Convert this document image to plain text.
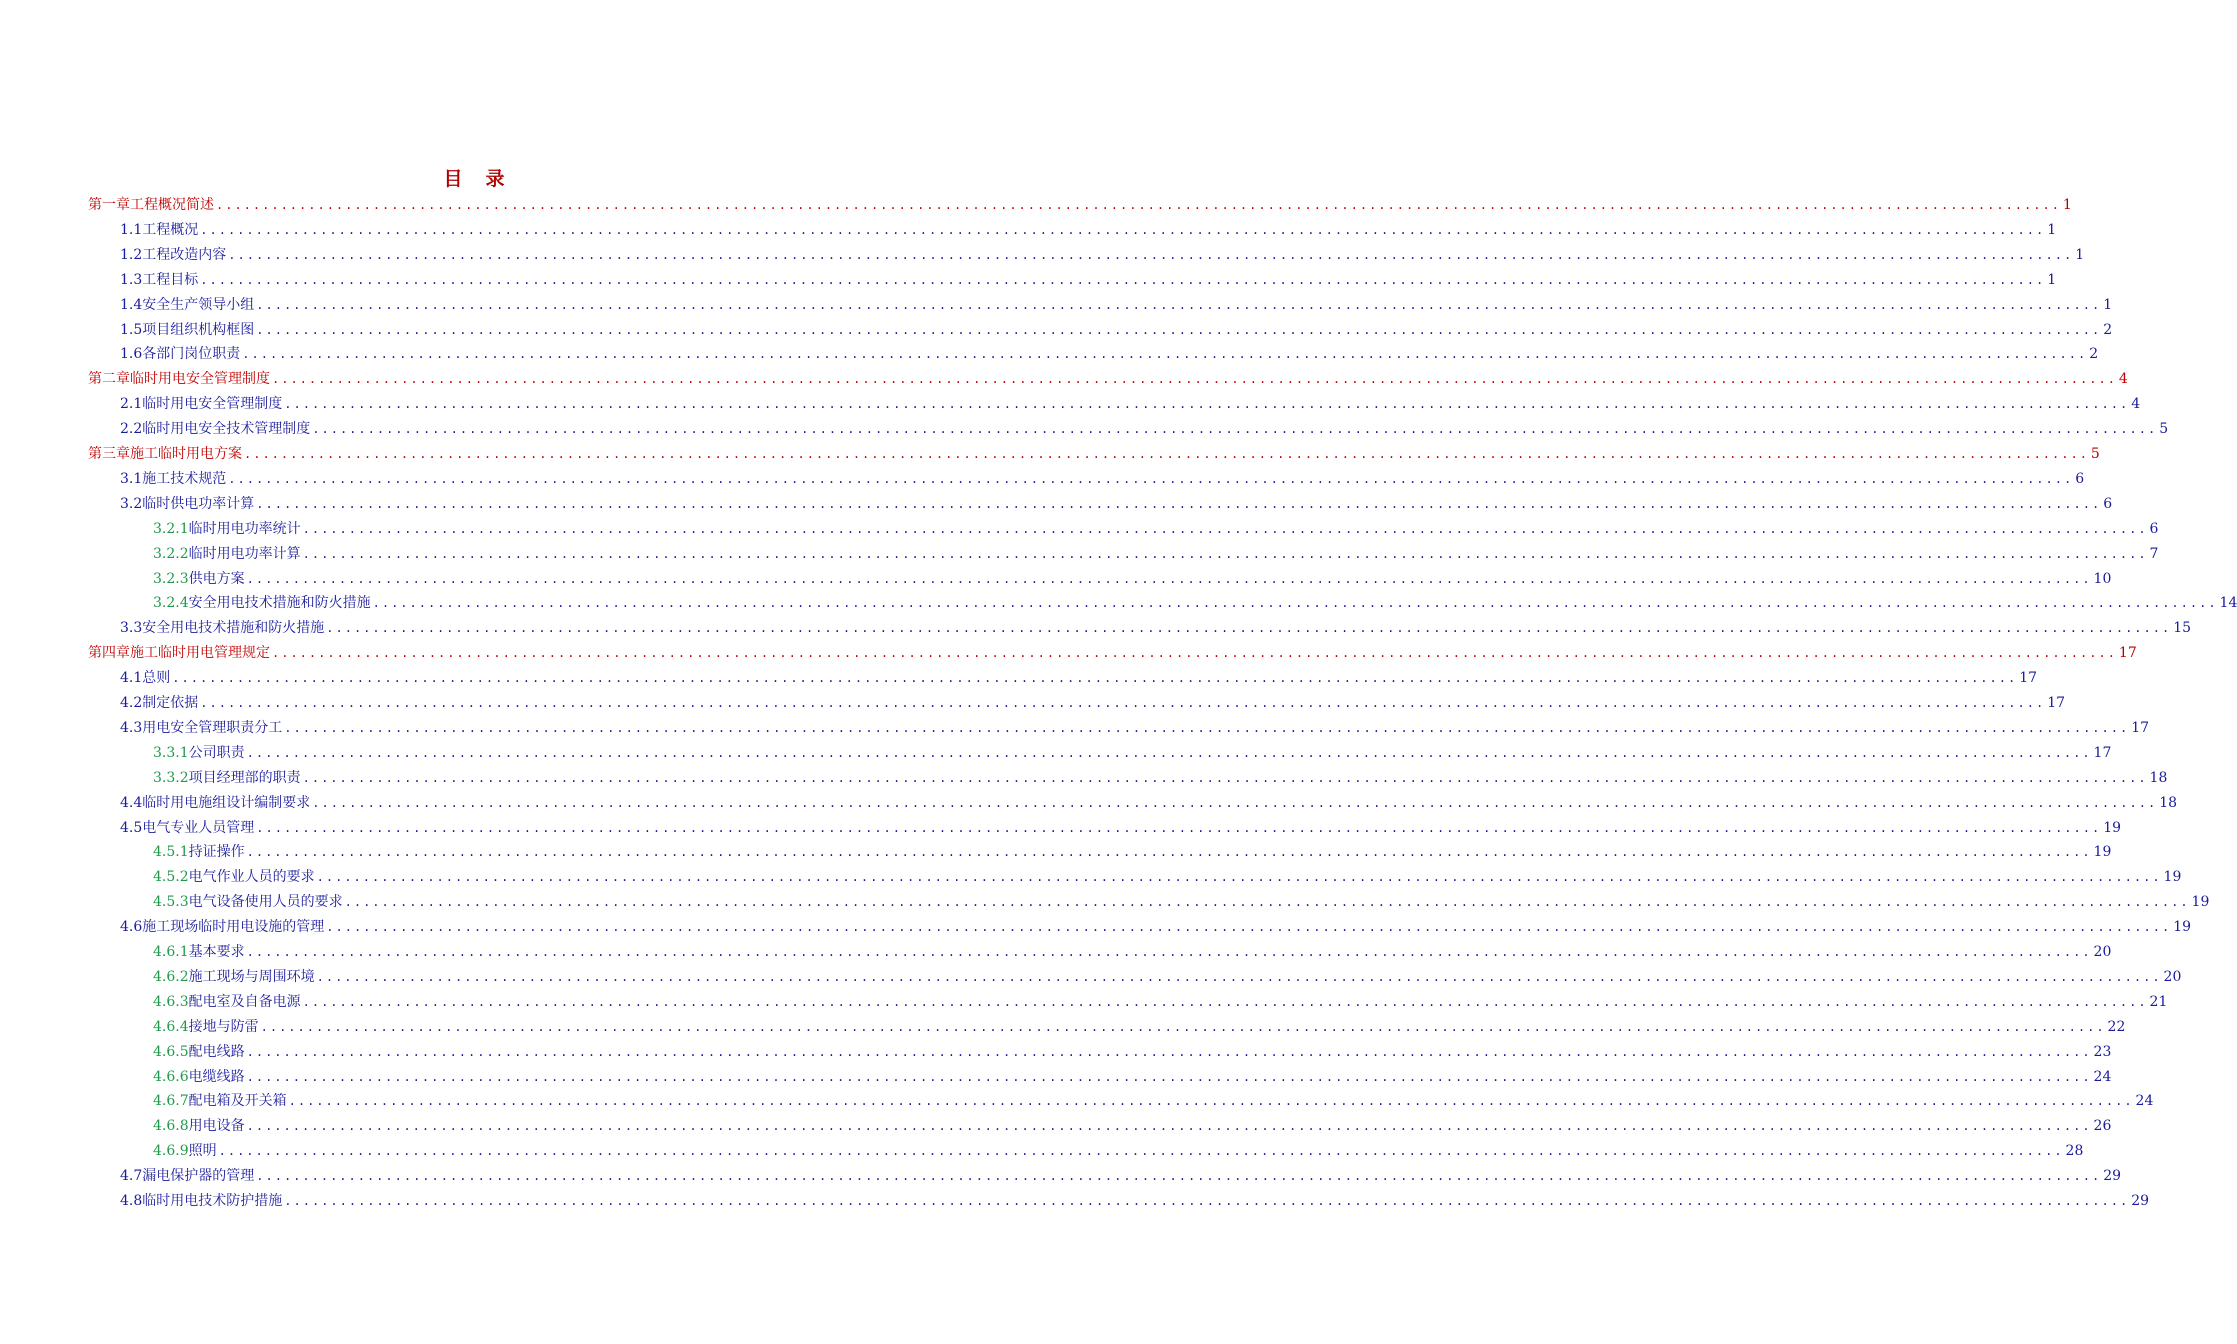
目　录
第一章 工程概况简述 ........................................................................................................................................................................................................ 1
1.1 工程概况 ........................................................................................................................................................................................................ 1
1.2 工程改造内容 ........................................................................................................................................................................................................ 1
1.3 工程目标 ........................................................................................................................................................................................................ 1
1.4 安全生产领导小组 ........................................................................................................................................................................................................ 1
1.5 项目组织机构框图 ........................................................................................................................................................................................................ 2
1.6 各部门岗位职责 ........................................................................................................................................................................................................ 2
第二章 临时用电安全管理制度 ........................................................................................................................................................................................................ 4
2.1 临时用电安全管理制度 ........................................................................................................................................................................................................ 4
2.2 临时用电安全技术管理制度 ........................................................................................................................................................................................................ 5
第三章 施工临时用电方案 ........................................................................................................................................................................................................ 5
3.1 施工技术规范 ........................................................................................................................................................................................................ 6
3.2 临时供电功率计算 ........................................................................................................................................................................................................ 6
3.2.1 临时用电功率统计 ........................................................................................................................................................................................................ 6
3.2.2 临时用电功率计算 ........................................................................................................................................................................................................ 7
3.2.3 供电方案 ........................................................................................................................................................................................................ 10
3.2.4 安全用电技术措施和防火措施 ........................................................................................................................................................................................................ 14
3.3 安全用电技术措施和防火措施 ........................................................................................................................................................................................................ 15
第四章 施工临时用电管理规定 ........................................................................................................................................................................................................ 17
4.1 总则 ........................................................................................................................................................................................................ 17
4.2 制定依据 ........................................................................................................................................................................................................ 17
4.3 用电安全管理职责分工 ........................................................................................................................................................................................................ 17
3.3.1 公司职责 ........................................................................................................................................................................................................ 17
3.3.2 项目经理部的职责 ........................................................................................................................................................................................................ 18
4.4 临时用电施组设计编制要求 ........................................................................................................................................................................................................ 18
4.5 电气专业人员管理 ........................................................................................................................................................................................................ 19
4.5.1 持证操作 ........................................................................................................................................................................................................ 19
4.5.2 电气作业人员的要求 ........................................................................................................................................................................................................ 19
4.5.3 电气设备使用人员的要求 ........................................................................................................................................................................................................ 19
4.6 施工现场临时用电设施的管理 ........................................................................................................................................................................................................ 19
4.6.1 基本要求 ........................................................................................................................................................................................................ 20
4.6.2 施工现场与周围环境 ........................................................................................................................................................................................................ 20
4.6.3 配电室及自备电源 ........................................................................................................................................................................................................ 21
4.6.4 接地与防雷 ........................................................................................................................................................................................................ 22
4.6.5 配电线路 ........................................................................................................................................................................................................ 23
4.6.6 电缆线路 ........................................................................................................................................................................................................ 24
4.6.7 配电箱及开关箱 ........................................................................................................................................................................................................ 24
4.6.8 用电设备 ........................................................................................................................................................................................................ 26
4.6.9 照明 ........................................................................................................................................................................................................ 28
4.7 漏电保护器的管理 ........................................................................................................................................................................................................ 29
4.8 临时用电技术防护措施 ........................................................................................................................................................................................................ 29
